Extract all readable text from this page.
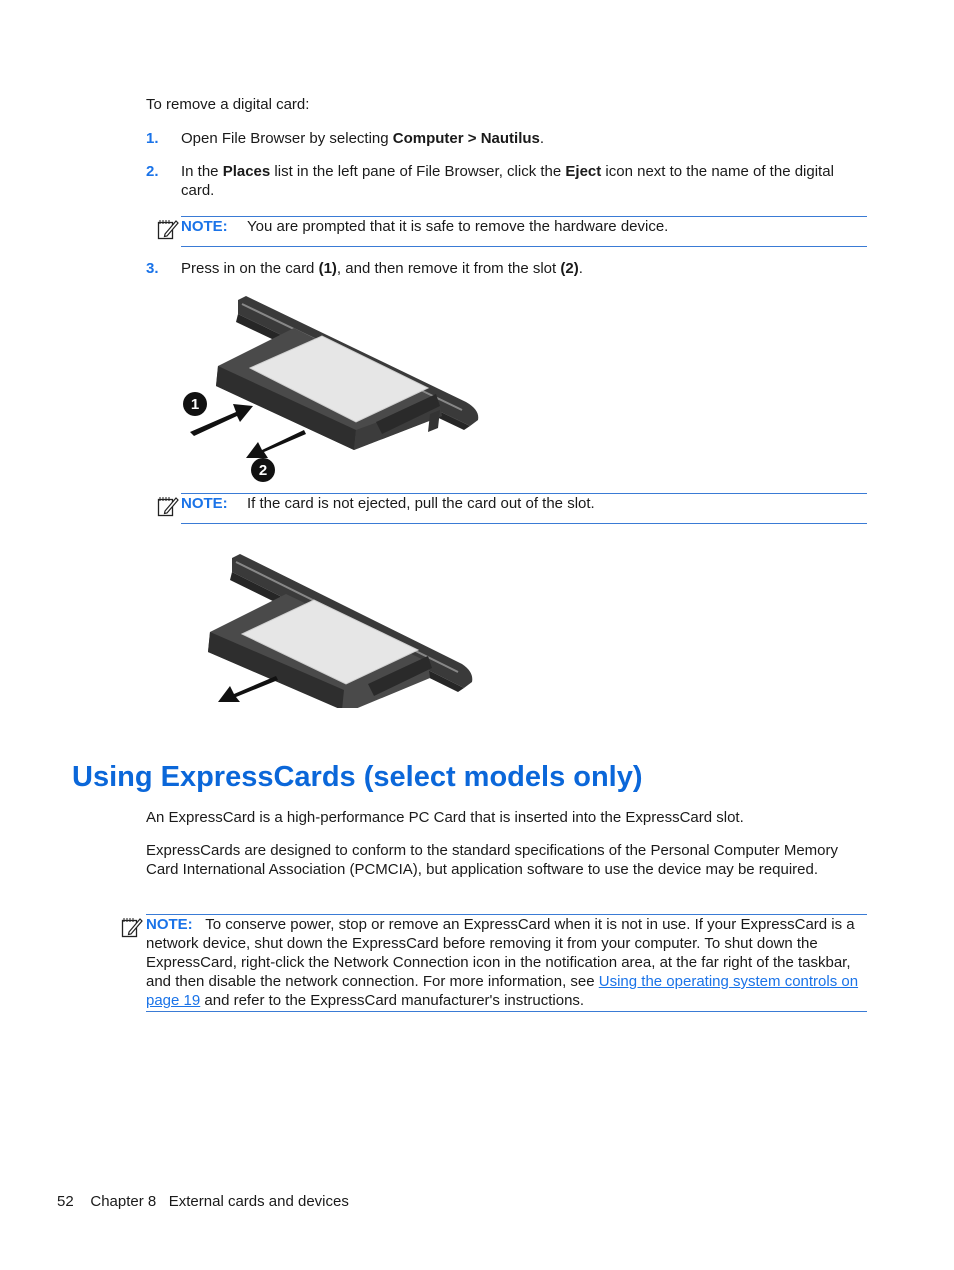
To remove a digital card:
1. Open File Browser by selecting Computer > Nautilus.
2. In the Places list in the left pane of File Browser, click the Eject icon next to the name of the digital card.
NOTE: You are prompted that it is safe to remove the hardware device.
3. Press in on the card (1), and then remove it from the slot (2).
1
2
NOTE: If the card is not ejected, pull the card out of the slot.
Using ExpressCards (select models only)
An ExpressCard is a high-performance PC Card that is inserted into the ExpressCard slot.
ExpressCards are designed to conform to the standard specifications of the Personal Computer Memory Card International Association (PCMCIA), but application software to use the device may be required.
NOTE: To conserve power, stop or remove an ExpressCard when it is not in use. If your ExpressCard is a network device, shut down the ExpressCard before removing it from your computer. To shut down the ExpressCard, right-click the Network Connection icon in the notification area, at the far right of the taskbar, and then disable the network connection. For more information, see Using the operating system controls on page 19 and refer to the ExpressCard manufacturer's instructions.
52 Chapter 8 External cards and devices
